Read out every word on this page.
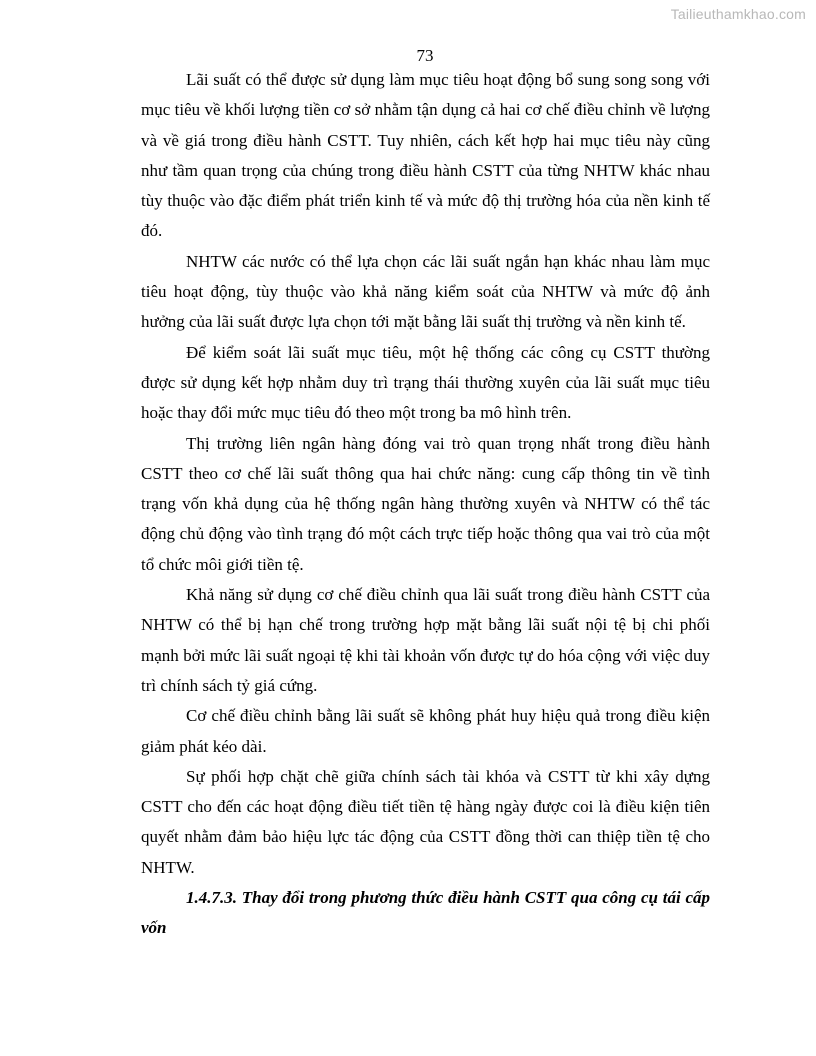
Tailieuthamkhao.com
73

Lãi suất có thể được sử dụng làm mục tiêu hoạt động bổ sung song song với mục tiêu về khối lượng tiền cơ sở nhằm tận dụng cả hai cơ chế điều chỉnh về lượng và về giá trong điều hành CSTT. Tuy nhiên, cách kết hợp hai mục tiêu này cũng như tầm quan trọng của chúng trong điều hành CSTT của từng NHTW khác nhau tùy thuộc vào đặc điểm phát triển kinh tế và mức độ thị trường hóa của nền kinh tế đó.

NHTW các nước có thể lựa chọn các lãi suất ngắn hạn khác nhau làm mục tiêu hoạt động, tùy thuộc vào khả năng kiểm soát của NHTW và mức độ ảnh hưởng của lãi suất được lựa chọn tới mặt bằng lãi suất thị trường và nền kinh tế.

Để kiểm soát lãi suất mục tiêu, một hệ thống các công cụ CSTT thường được sử dụng kết hợp nhằm duy trì trạng thái thường xuyên của lãi suất mục tiêu hoặc thay đổi mức mục tiêu đó theo một trong ba mô hình trên.

Thị trường liên ngân hàng đóng vai trò quan trọng nhất trong điều hành CSTT theo cơ chế lãi suất thông qua hai chức năng: cung cấp thông tin về tình trạng vốn khả dụng của hệ thống ngân hàng thường xuyên và NHTW có thể tác động chủ động vào tình trạng đó một cách trực tiếp hoặc thông qua vai trò của một tổ chức môi giới tiền tệ.

Khả năng sử dụng cơ chế điều chỉnh qua lãi suất trong điều hành CSTT của NHTW có thể bị hạn chế trong trường hợp mặt bằng lãi suất nội tệ bị chi phối mạnh bởi mức lãi suất ngoại tệ khi tài khoản vốn được tự do hóa cộng với việc duy trì chính sách tỷ giá cứng.

Cơ chế điều chỉnh bằng lãi suất sẽ không phát huy hiệu quả trong điều kiện giảm phát kéo dài.

Sự phối hợp chặt chẽ giữa chính sách tài khóa và CSTT từ khi xây dựng CSTT cho đến các hoạt động điều tiết tiền tệ hàng ngày được coi là điều kiện tiên quyết nhằm đảm bảo hiệu lực tác động của CSTT đồng thời can thiệp tiền tệ cho NHTW.

1.4.7.3. Thay đổi trong phương thức điều hành CSTT qua công cụ tái cấp vốn
